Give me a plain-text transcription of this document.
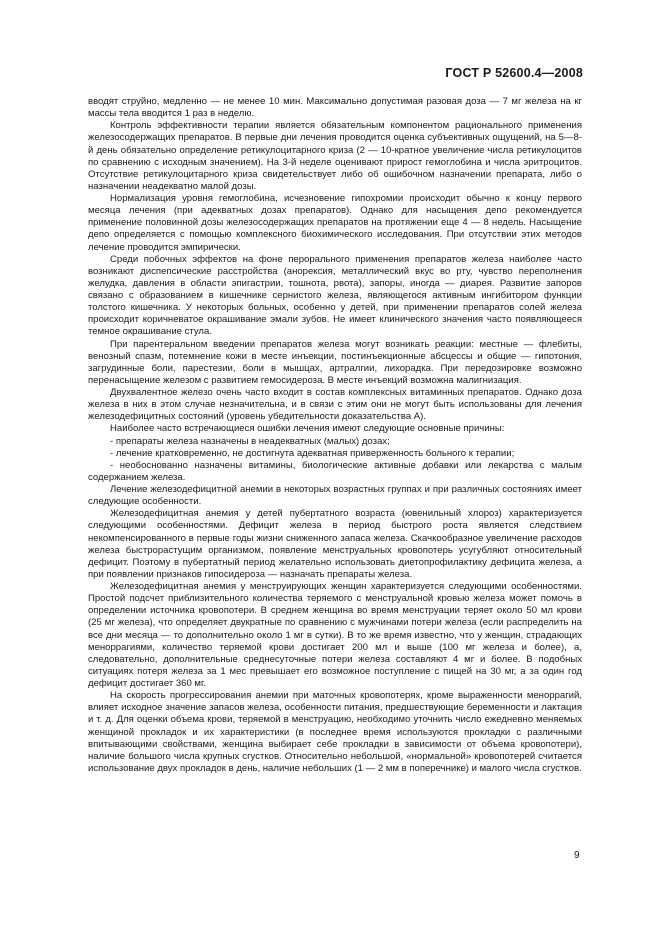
ГОСТ Р 52600.4—2008

вводят струйно, медленно — не менее 10 мин. Максимально допустимая разовая доза — 7 мг железа на кг массы тела вводится 1 раз в неделю.

Контроль эффективности терапии является обязательным компонентом рационального применения железосодержащих препаратов. В первые дни лечения проводится оценка субъективных ощущений, на 5—8-й день обязательно определение ретикулоцитарного криза (2 — 10-кратное увеличение числа ретикулоцитов по сравнению с исходным значением). На 3-й неделе оценивают прирост гемоглобина и числа эритроцитов. Отсутствие ретикулоцитарного криза свидетельствует либо об ошибочном назначении препарата, либо о назначении неадекватно малой дозы.

Нормализация уровня гемоглобина, исчезновение гипохромии происходит обычно к концу первого месяца лечения (при адекватных дозах препаратов). Однако для насыщения депо рекомендуется применение половинной дозы железосодержащих препаратов на протяжении еще 4 — 8 недель. Насыщение депо определяется с помощью комплексного биохимического исследования. При отсутствии этих методов лечение проводится эмпирически.

Среди побочных эффектов на фоне перорального применения препаратов железа наиболее часто возникают диспепсические расстройства (анорексия, металлический вкус во рту, чувство переполнения желудка, давления в области эпигастрии, тошнота, рвота), запоры, иногда — диарея. Развитие запоров связано с образованием в кишечнике сернистого железа, являющегося активным ингибитором функции толстого кишечника. У некоторых больных, особенно у детей, при применении препаратов солей железа происходит коричневатое окрашивание эмали зубов. Не имеет клинического значения часто появляющееся темное окрашивание стула.

При парентеральном введении препаратов железа могут возникать реакции: местные — флебиты, венозный спазм, потемнение кожи в месте инъекции, постинъекционные абсцессы и общие — гипотония, загрудинные боли, парестезии, боли в мышцах, артралгии, лихорадка. При передозировке возможно перенасыщение железом с развитием гемосидероза. В месте инъекций возможна малигнизация.

Двухвалентное железо очень часто входит в состав комплексных витаминных препаратов. Однако доза железа в них в этом случае незначительна, и в связи с этим они не могут быть использованы для лечения железодефицитных состояний (уровень убедительности доказательства А).

Наиболее часто встречающиеся ошибки лечения имеют следующие основные причины:

- препараты железа назначены в неадекватных (малых) дозах;

- лечение кратковременно, не достигнута адекватная приверженность больного к терапии;

- необоснованно назначены витамины, биологические активные добавки или лекарства с малым содержанием железа.

Лечение железодефицитной анемии в некоторых возрастных группах и при различных состояниях имеет следующие особенности.

Железодефицитная анемия у детей пубертатного возраста (ювенильный хлороз) характеризуется следующими особенностями. Дефицит железа в период быстрого роста является следствием некомпенсированного в первые годы жизни сниженного запаса железа. Скачкообразное увеличение расходов железа быстрорастущим организмом, появление менструальных кровопотерь усугубляют относительный дефицит. Поэтому в пубертатный период желательно использовать диетопрофилактику дефицита железа, а при появлении признаков гипосидероза — назначать препараты железа.

Железодефицитная анемия у менструирующих женщин характеризуется следующими особенностями. Простой подсчет приблизительного количества теряемого с менструальной кровью железа может помочь в определении источника кровопотери. В среднем женщина во время менструации теряет около 50 мл крови (25 мг железа), что определяет двукратные по сравнению с мужчинами потери железа (если распределить на все дни месяца — то дополнительно около 1 мг в сутки). В то же время известно, что у женщин, страдающих меноррагиями, количество теряемой крови достигает 200 мл и выше (100 мг железа и более), а, следовательно, дополнительные среднесуточные потери железа составляют 4 мг и более. В подобных ситуациях потеря железа за 1 мес превышает его возможное поступление с пищей на 30 мг, а за один год дефицит достигает 360 мг.

На скорость прогрессирования анемии при маточных кровопотерях, кроме выраженности меноррагий, влияет исходное значение запасов железа, особенности питания, предшествующие беременности и лактация и т. д. Для оценки объема крови, теряемой в менструацию, необходимо уточнить число ежедневно меняемых женщиной прокладок и их характеристики (в последнее время используются прокладки с различными впитывающими свойствами, женщина выбирает себе прокладки в зависимости от объема кровопотери), наличие большого числа крупных сгустков. Относительно небольшой, «нормальной» кровопотерей считается использование двух прокладок в день, наличие небольших (1 — 2 мм в поперечнике) и малого числа сгустков.

9
